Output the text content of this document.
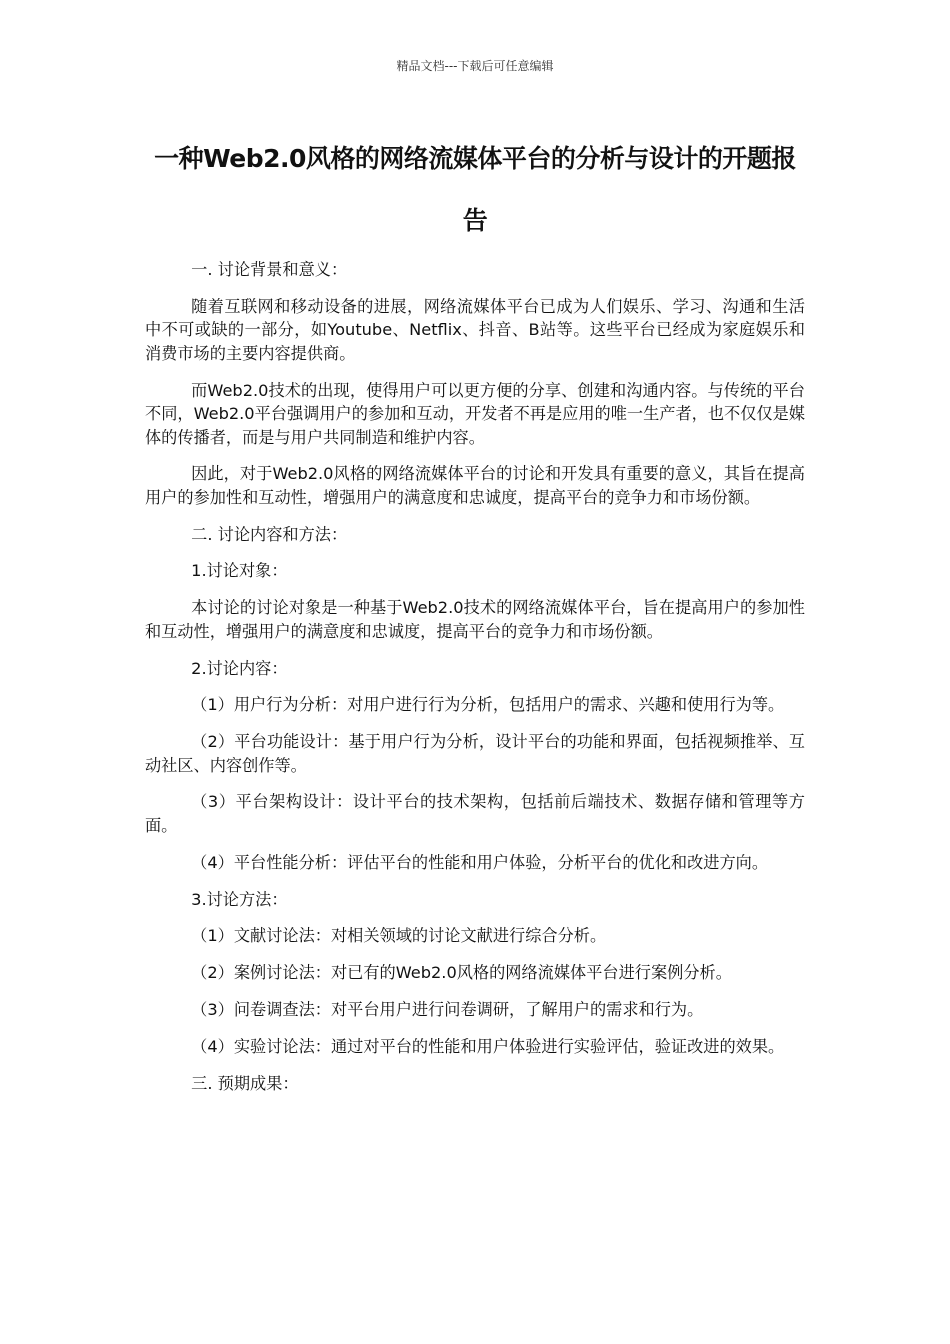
精品文档---下载后可任意编辑
一种Web2.0风格的网络流媒体平台的分析与设计的开题报告

一. 讨论背景和意义：

随着互联网和移动设备的进展，网络流媒体平台已成为人们娱乐、学习、沟通和生活中不可或缺的一部分，如Youtube、Netflix、抖音、B站等。这些平台已经成为家庭娱乐和消费市场的主要内容提供商。

而Web2.0技术的出现，使得用户可以更方便的分享、创建和沟通内容。与传统的平台不同，Web2.0平台强调用户的参加和互动，开发者不再是应用的唯一生产者，也不仅仅是媒体的传播者，而是与用户共同制造和维护内容。

因此，对于Web2.0风格的网络流媒体平台的讨论和开发具有重要的意义，其旨在提高用户的参加性和互动性，增强用户的满意度和忠诚度，提高平台的竞争力和市场份额。

二. 讨论内容和方法：

1.讨论对象：

本讨论的讨论对象是一种基于Web2.0技术的网络流媒体平台，旨在提高用户的参加性和互动性，增强用户的满意度和忠诚度，提高平台的竞争力和市场份额。

2.讨论内容：

（1）用户行为分析：对用户进行行为分析，包括用户的需求、兴趣和使用行为等。

（2）平台功能设计：基于用户行为分析，设计平台的功能和界面，包括视频推举、互动社区、内容创作等。

（3）平台架构设计：设计平台的技术架构，包括前后端技术、数据存储和管理等方面。

（4）平台性能分析：评估平台的性能和用户体验，分析平台的优化和改进方向。

3.讨论方法：

（1）文献讨论法：对相关领域的讨论文献进行综合分析。

（2）案例讨论法：对已有的Web2.0风格的网络流媒体平台进行案例分析。

（3）问卷调查法：对平台用户进行问卷调研，了解用户的需求和行为。

（4）实验讨论法：通过对平台的性能和用户体验进行实验评估，验证改进的效果。

三. 预期成果：
